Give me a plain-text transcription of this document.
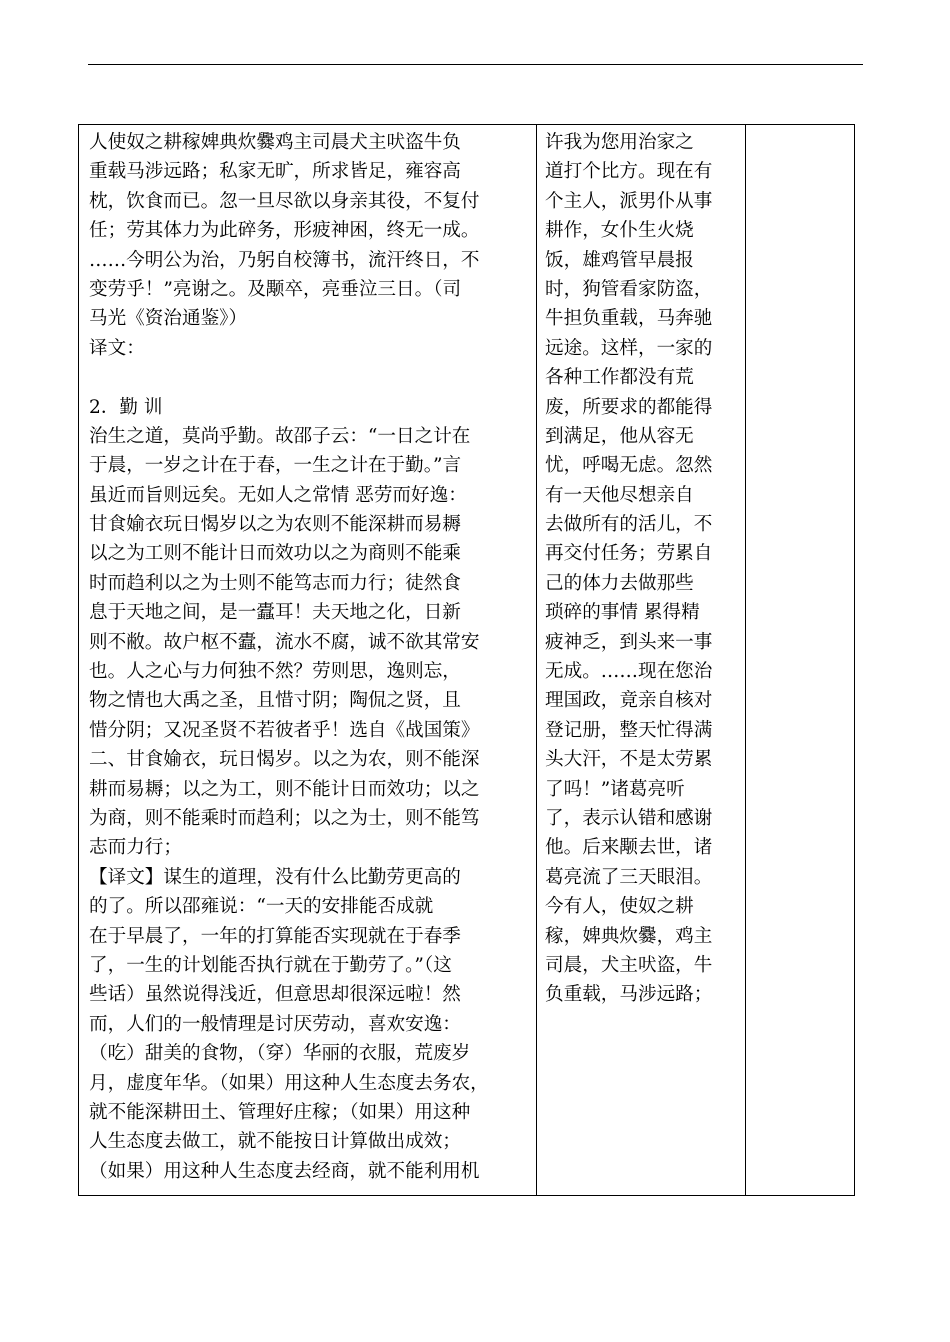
人使奴之耕稼婢典炊爨鸡主司晨犬主吠盗牛负
重载马涉远路；私家无旷，所求皆足，雍容高
枕，饮食而已。忽一旦尽欲以身亲其役，不复付
任；劳其体力为此碎务，形疲神困，终无一成。
……今明公为治，乃躬自校簿书，流汗终日，不
变劳乎！”亮谢之。及颙卒，亮垂泣三日。（司
马光《资治通鉴》）
译文：
2．勤 训
治生之道，莫尚乎勤。故邵子云：“一日之计在
于晨，一岁之计在于春，一生之计在于勤。”言
虽近而旨则远矣。无如人之常情 恶劳而好逸：
甘食媮衣玩日愒岁以之为农则不能深耕而易耨
以之为工则不能计日而效功以之为商则不能乘
时而趋利以之为士则不能笃志而力行；徒然食
息于天地之间，是一蠹耳！夫天地之化，日新
则不敝。故户枢不蠹，流水不腐，诚不欲其常安
也。人之心与力何独不然？劳则思，逸则忘，
物之情也大禹之圣，且惜寸阴；陶侃之贤，且
惜分阴；又况圣贤不若彼者乎！选自《战国策》
二、甘食媮衣，玩日愒岁。以之为农，则不能深
耕而易耨；以之为工，则不能计日而效功；以之
为商，则不能乘时而趋利；以之为士，则不能笃
志而力行；
【译文】谋生的道理，没有什么比勤劳更高的
的了。所以邵雍说：“一天的安排能否成就
在于早晨了，一年的打算能否实现就在于春季
了，一生的计划能否执行就在于勤劳了。”（这
些话）虽然说得浅近，但意思却很深远啦！然
而，人们的一般情理是讨厌劳动，喜欢安逸：
（吃）甜美的食物，（穿）华丽的衣服，荒废岁
月，虚度年华。（如果）用这种人生态度去务农，
就不能深耕田土、管理好庄稼；（如果）用这种
人生态度去做工，就不能按日计算做出成效；
（如果）用这种人生态度去经商，就不能利用机

许我为您用治家之
道打个比方。现在有
个主人，派男仆从事
耕作，女仆生火烧
饭，雄鸡管早晨报
时，狗管看家防盗，
牛担负重载，马奔驰
远途。这样，一家的
各种工作都没有荒
废，所要求的都能得
到满足，他从容无
忧，呼喝无虑。忽然
有一天他尽想亲自
去做所有的活儿，不
再交付任务；劳累自
己的体力去做那些
琐碎的事情 累得精
疲神乏，到头来一事
无成。……现在您治
理国政，竟亲自核对
登记册，整天忙得满
头大汗，不是太劳累
了吗！”诸葛亮听
了，表示认错和感谢
他。后来颙去世，诸
葛亮流了三天眼泪。
今有人，使奴之耕
稼，婢典炊爨，鸡主
司晨，犬主吠盗，牛
负重载，马涉远路；
